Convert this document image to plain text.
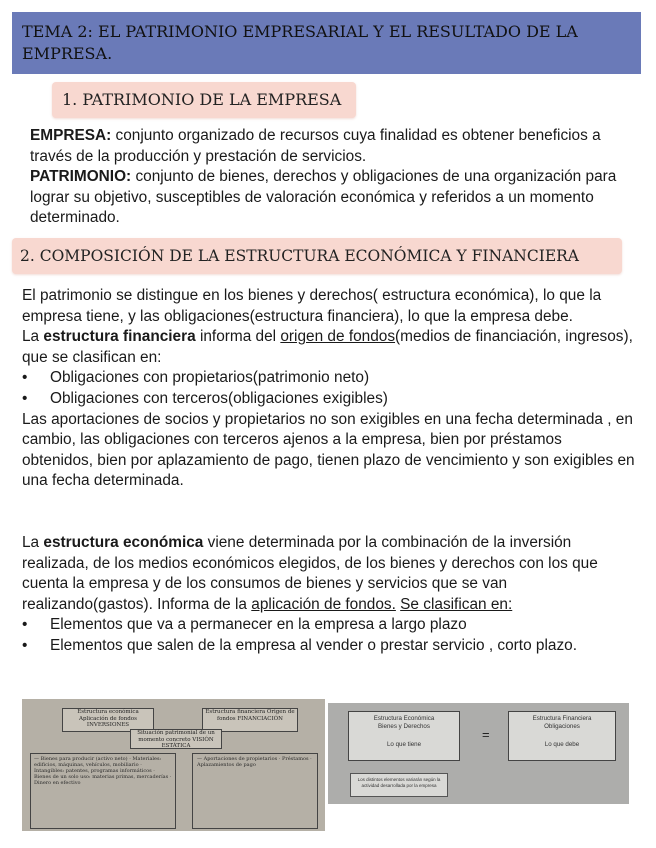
TEMA 2: EL PATRIMONIO EMPRESARIAL Y EL RESULTADO DE LA EMPRESA.
1. PATRIMONIO DE LA EMPRESA

EMPRESA: conjunto organizado de recursos cuya finalidad es obtener beneficios a través de la producción y prestación de servicios.

PATRIMONIO: conjunto de bienes, derechos y obligaciones de una organización para lograr su objetivo, susceptibles de valoración económica y referidos a un momento determinado.

2. COMPOSICIÓN DE LA ESTRUCTURA ECONÓMICA Y FINANCIERA

El patrimonio se distingue en los bienes y derechos( estructura económica), lo que la empresa tiene, y las obligaciones(estructura financiera), lo que la empresa debe.

La estructura financiera informa del origen de fondos(medios de financiación, ingresos), que se clasifican en:

• Obligaciones con propietarios(patrimonio neto)
• Obligaciones con terceros(obligaciones exigibles)

Las aportaciones de socios y propietarios no son exigibles en una fecha determinada , en cambio, las obligaciones con terceros ajenos a la empresa, bien por préstamos obtenidos, bien por aplazamiento de pago, tienen plazo de vencimiento y son exigibles en una fecha determinada.

La estructura económica viene determinada por la combinación de la inversión realizada, de los medios económicos elegidos, de los bienes y derechos con los que cuenta la empresa y de los consumos de bienes y servicios que se van realizando(gastos). Informa de la aplicación de fondos. Se clasifican en:

• Elementos que va a permanecer en la empresa a largo plazo
• Elementos que salen de la empresa al vender o prestar servicio , corto plazo.
Estructura económica Aplicación de fondos INVERSIONES
Estructura financiera Origen de fondos FINANCIACIÓN
Situación patrimonial de un momento concreto VISIÓN ESTÁTICA
— Bienes para producir (activo neto) · Materiales: edificios, máquinas, vehículos, mobiliario · Intangibles: patentes, programas informáticos · Bienes de un solo uso: materias primas, mercaderías · Dinero en efectivo
— Aportaciones de propietarios · Préstamos · Aplazamientos de pago
Estructura Económica
Bienes y Derechos
Lo que tiene
=
Estructura Financiera
Obligaciones
Lo que debe
Los distintos elementos variarán según la actividad desarrollada por la empresa
